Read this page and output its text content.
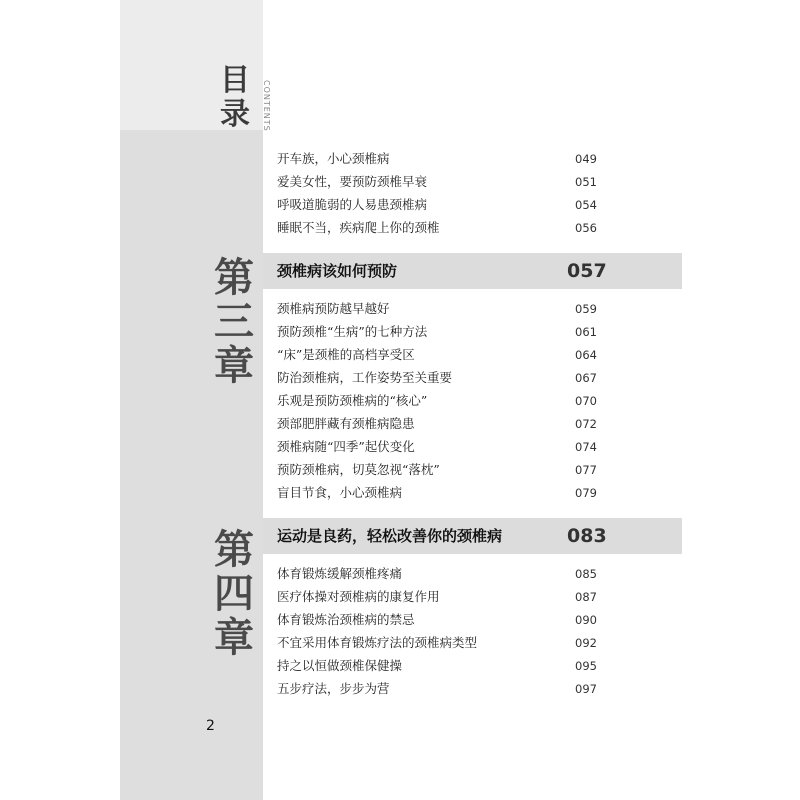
目
录	CONTENTS
开车族，小心颈椎病	049
爱美女性，要预防颈椎早衰	051
呼吸道脆弱的人易患颈椎病	054
睡眠不当，疾病爬上你的颈椎	056
第
三
章
颈椎病该如何预防	057
颈椎病预防越早越好	059
预防颈椎“生病”的七种方法	061
“床”是颈椎的高档享受区	064
防治颈椎病，工作姿势至关重要	067
乐观是预防颈椎病的“核心”	070
颈部肥胖藏有颈椎病隐患	072
颈椎病随“四季”起伏变化	074
预防颈椎病，切莫忽视“落枕”	077
盲目节食，小心颈椎病	079
第
四
章
运动是良药，轻松改善你的颈椎病	083
体育锻炼缓解颈椎疼痛	085
医疗体操对颈椎病的康复作用	087
体育锻炼治颈椎病的禁忌	090
不宜采用体育锻炼疗法的颈椎病类型	092
持之以恒做颈椎保健操	095
五步疗法，步步为营	097
2
